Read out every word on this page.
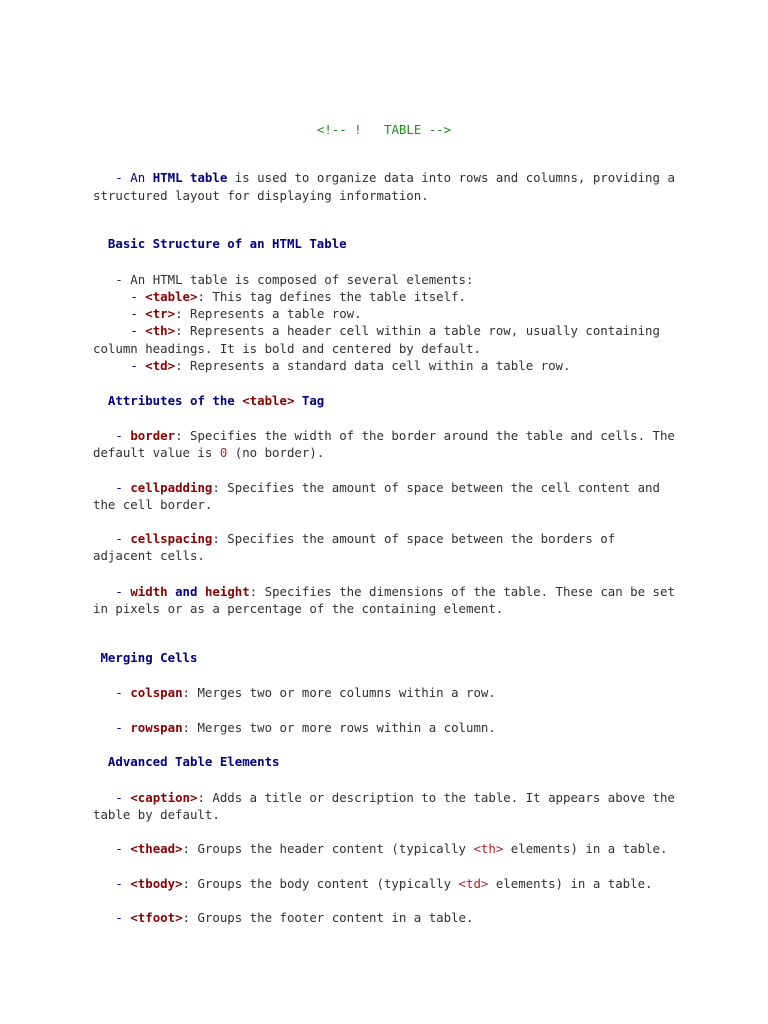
<!-- !   TABLE -->
- An HTML table is used to organize data into rows and columns, providing a
structured layout for displaying information.
Basic Structure of an HTML Table
- An HTML table is composed of several elements:
- <table>: This tag defines the table itself.
- <tr>: Represents a table row.
- <th>: Represents a header cell within a table row, usually containing
column headings. It is bold and centered by default.
- <td>: Represents a standard data cell within a table row.
Attributes of the <table> Tag
- border: Specifies the width of the border around the table and cells. The
default value is 0 (no border).
- cellpadding: Specifies the amount of space between the cell content and
the cell border.
- cellspacing: Specifies the amount of space between the borders of
adjacent cells.
- width and height: Specifies the dimensions of the table. These can be set
in pixels or as a percentage of the containing element.
Merging Cells
- colspan: Merges two or more columns within a row.
- rowspan: Merges two or more rows within a column.
Advanced Table Elements
- <caption>: Adds a title or description to the table. It appears above the
table by default.
- <thead>: Groups the header content (typically <th> elements) in a table.
- <tbody>: Groups the body content (typically <td> elements) in a table.
- <tfoot>: Groups the footer content in a table.
